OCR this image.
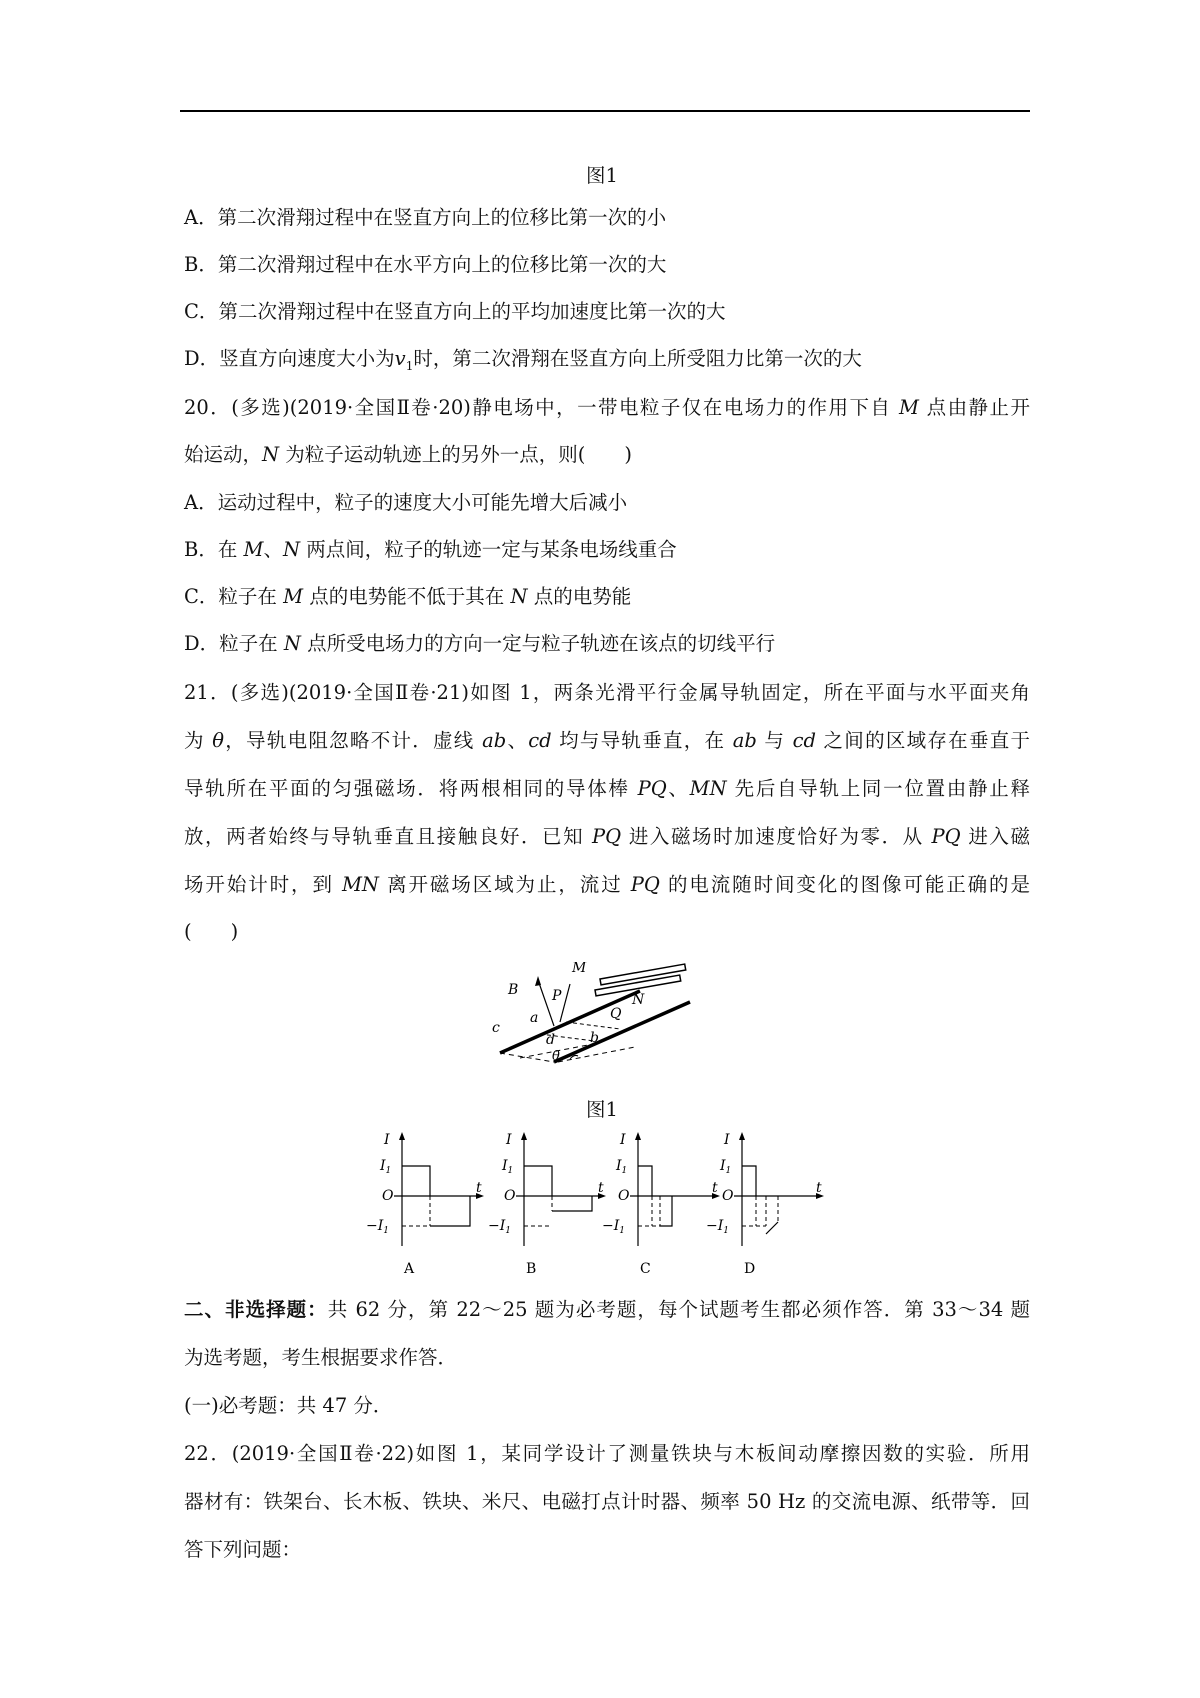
图1
A．第二次滑翔过程中在竖直方向上的位移比第一次的小
B．第二次滑翔过程中在水平方向上的位移比第一次的大
C．第二次滑翔过程中在竖直方向上的平均加速度比第一次的大
D．竖直方向速度大小为$v_1$时，第二次滑翔在竖直方向上所受阻力比第一次的大
20．(多选)(2019·全国Ⅱ卷·20)静电场中，一带电粒子仅在电场力的作用下自 M 点由静止开
始运动，N 为粒子运动轨迹上的另外一点，则(　　)
A．运动过程中，粒子的速度大小可能先增大后减小
B．在 M、N 两点间，粒子的轨迹一定与某条电场线重合
C．粒子在 M 点的电势能不低于其在 N 点的电势能
D．粒子在 N 点所受电场力的方向一定与粒子轨迹在该点的切线平行
21．(多选)(2019·全国Ⅱ卷·21)如图 1，两条光滑平行金属导轨固定，所在平面与水平面夹角
为 θ，导轨电阻忽略不计．虚线 ab、cd 均与导轨垂直，在 ab 与 cd 之间的区域存在垂直于
导轨所在平面的匀强磁场．将两根相同的导体棒 PQ、MN 先后自导轨上同一位置由静止释
放，两者始终与导轨垂直且接触良好．已知 PQ 进入磁场时加速度恰好为零．从 PQ 进入磁
场开始计时，到 MN 离开磁场区域为止，流过 PQ 的电流随时间变化的图像可能正确的是
(　　)
B
a
P
M
N
Q
c
d	b
θ
图1
I
$I_1$
O
$-I_1$
t
A
I
$I_1$
O
$-I_1$
t
B
I
$I_1$
O
$-I_1$
t
C
I
$I_1$
O
$-I_1$
t
D
二、非选择题：共 62 分，第 22～25 题为必考题，每个试题考生都必须作答．第 33～34 题
为选考题，考生根据要求作答．
(一)必考题：共 47 分．
22．(2019·全国Ⅱ卷·22)如图 1，某同学设计了测量铁块与木板间动摩擦因数的实验．所用
器材有：铁架台、长木板、铁块、米尺、电磁打点计时器、频率 50 Hz 的交流电源、纸带等．回
答下列问题：
